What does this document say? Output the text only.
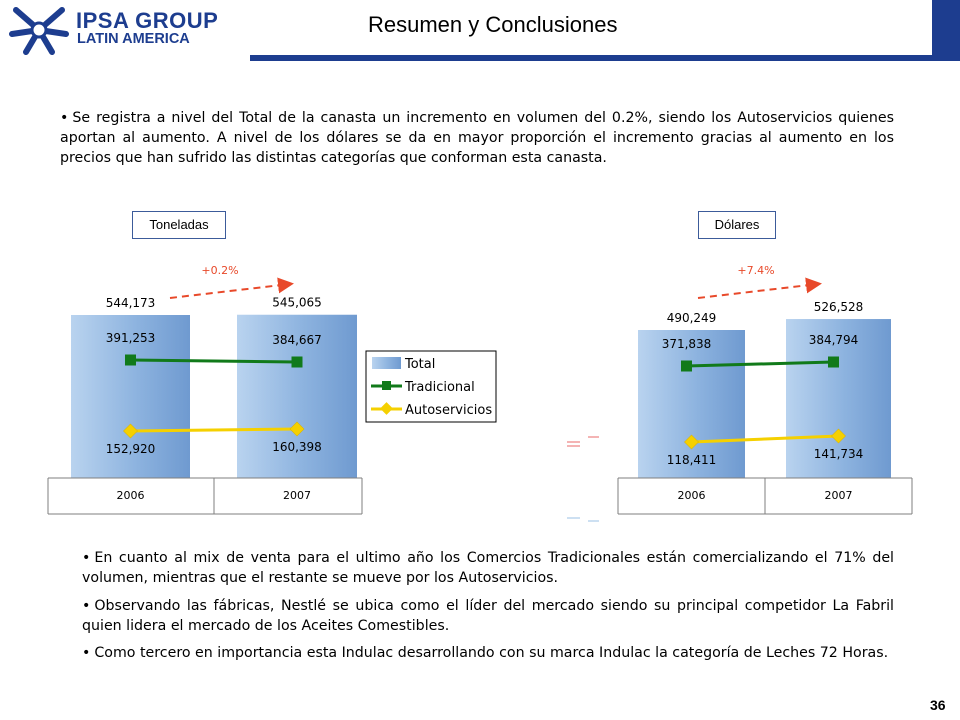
IPSA GROUP
LATIN AMERICA
Resumen y Conclusiones
• Se registra a nivel del Total de la canasta un incremento en volumen del 0.2%, siendo los Autoservicios quienes aportan al aumento. A nivel de los dólares se da en mayor proporción el incremento gracias al aumento en los precios que han sufrido las distintas categorías que conforman esta canasta.
Toneladas	Dólares
544,173	545,065
2006	2007
391,253	384,667
152,920	160,398
+0.2%
490,249
526,528
2006	2007
371,838	384,794
118,411	141,734
+7.4%
Total
Tradicional
Autoservicios
• En cuanto al mix de venta para el ultimo año los Comercios Tradicionales están comercializando el 71% del volumen, mientras que el restante se mueve por los Autoservicios.
• Observando las fábricas, Nestlé se ubica como el líder del mercado siendo su principal competidor La Fabril quien lidera el mercado de los Aceites Comestibles.
• Como tercero en importancia esta Indulac desarrollando con su marca Indulac la categoría de Leches 72 Horas.
36
